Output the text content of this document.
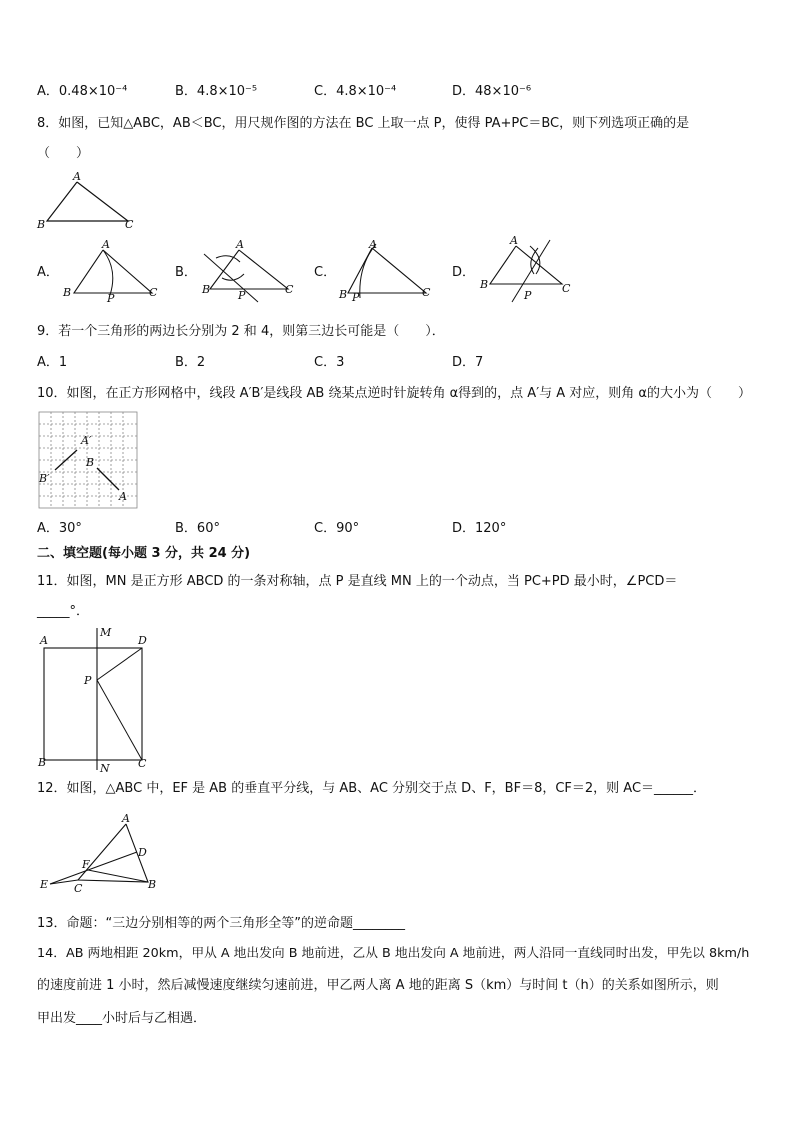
A．0.48×10⁻⁴	B．4.8×10⁻⁵	C．4.8×10⁻⁴	D．48×10⁻⁶
8．如图，已知△ABC，AB＜BC，用尺规作图的方法在 BC 上取一点 P，使得 PA+PC＝BC，则下列选项正确的是
（　　）
A
B	C
A．
A
B	P	C
B．
A
B	P	C
C．
A
B P	C
D．
A
B
P
C
9．若一个三角形的两边长分别为 2 和 4，则第三边长可能是（　　）．
A．1	B．2	C．3	D．7
10．如图，在正方形网格中，线段 A′B′是线段 AB 绕某点逆时针旋转角 α得到的，点 A′与 A 对应，则角 α的大小为（　　）
A′
B′
B
A
A．30°	B．60°	C．90°	D．120°
二、填空题(每小题 3 分，共 24 分)
11．如图，MN 是正方形 ABCD 的一条对称轴，点 P 是直线 MN 上的一个动点，当 PC+PD 最小时，∠PCD＝
_____°．
A	D
M
P
B	C
N
12．如图，△ABC 中，EF 是 AB 的垂直平分线，与 AB、AC 分别交于点 D、F，BF＝8，CF＝2，则 AC＝______．
A
D
F
E C	B
13．命题：“三边分别相等的两个三角形全等”的逆命题________
14．AB 两地相距 20km，甲从 A 地出发向 B 地前进，乙从 B 地出发向 A 地前进，两人沿同一直线同时出发，甲先以 8km/h
的速度前进 1 小时，然后减慢速度继续匀速前进，甲乙两人离 A 地的距离 S（km）与时间 t（h）的关系如图所示，则
甲出发____小时后与乙相遇．
